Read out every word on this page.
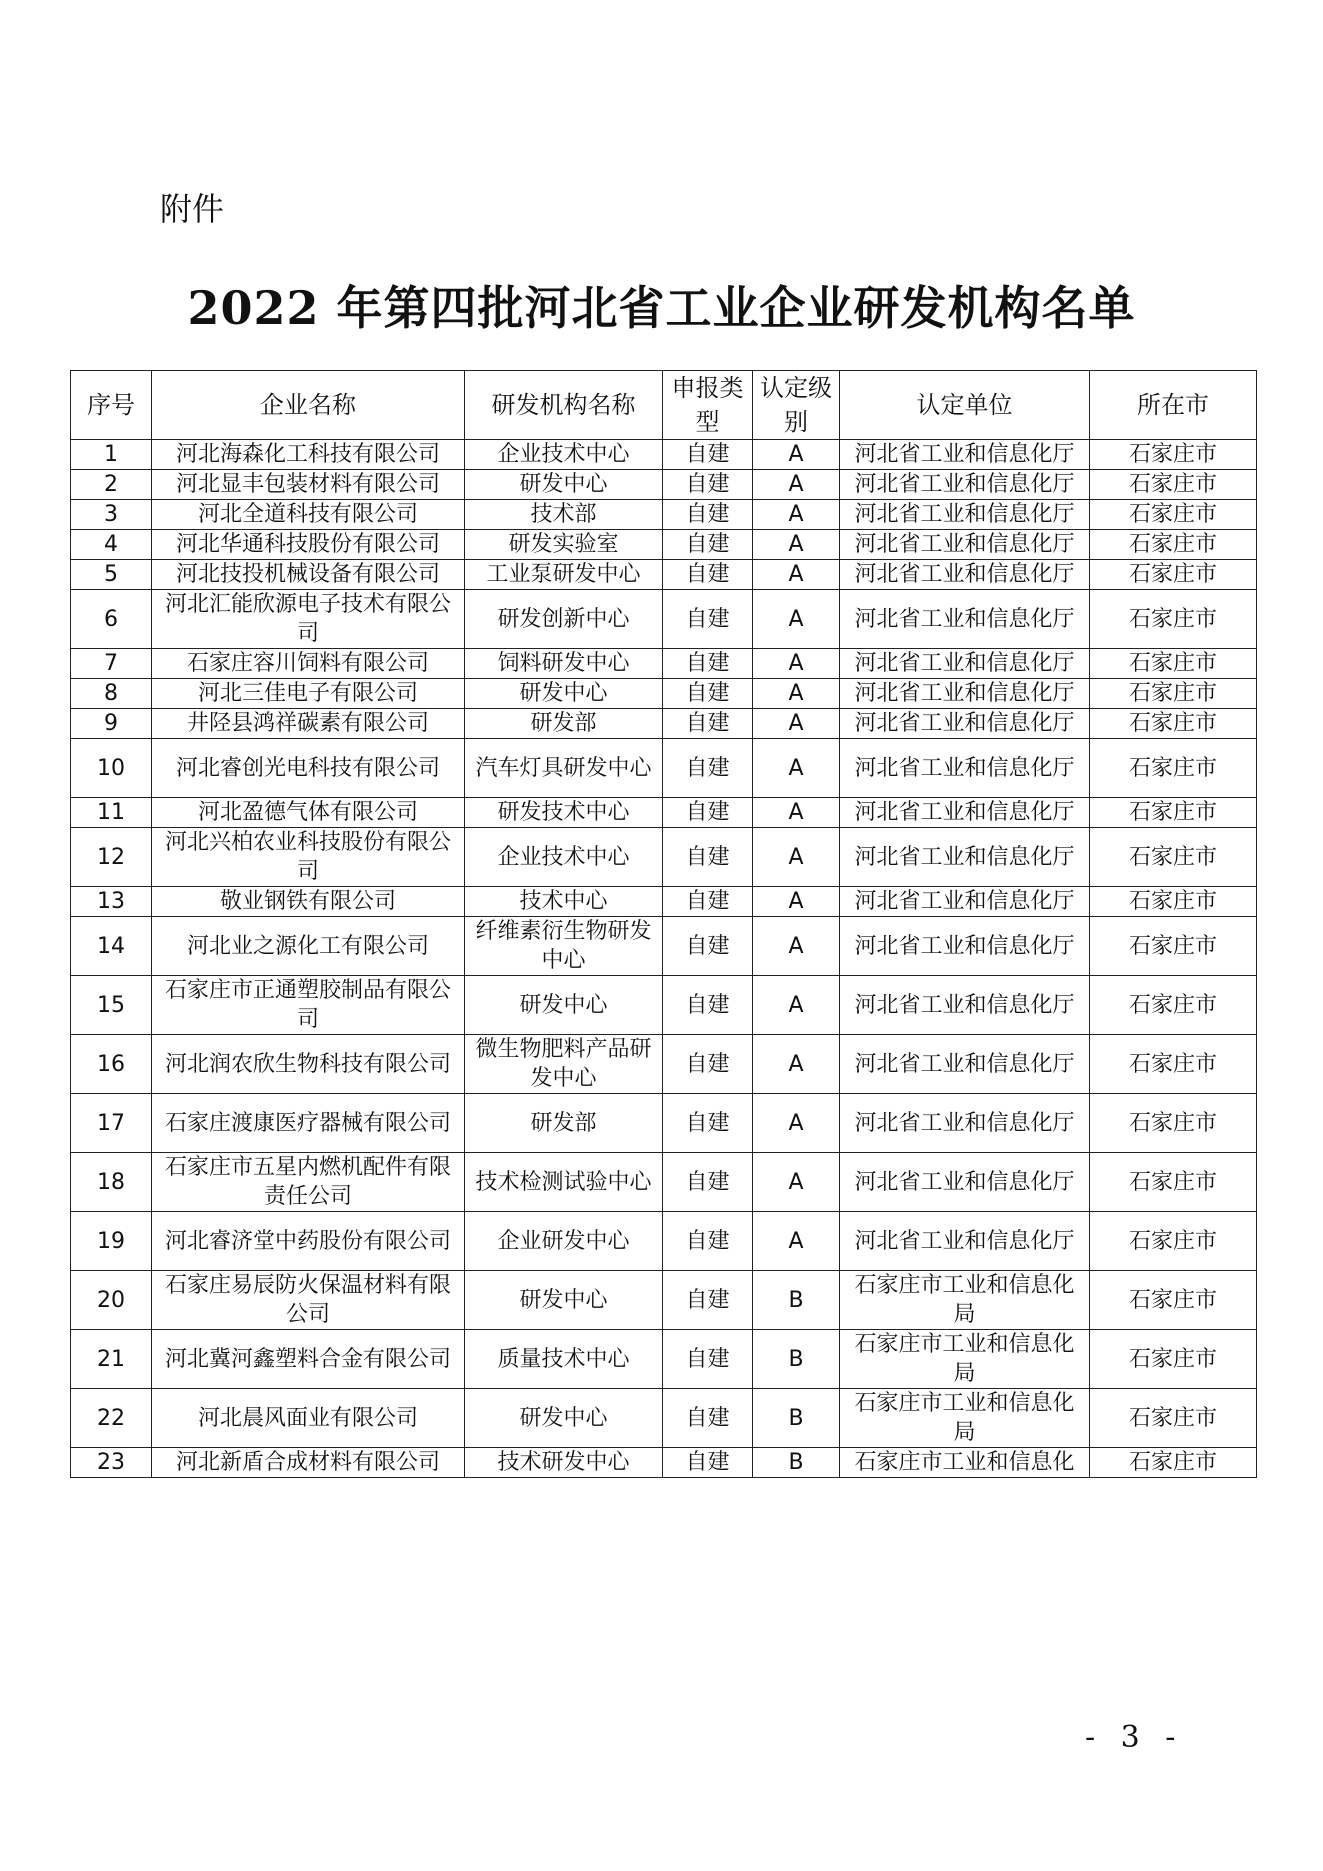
附件
2022 年第四批河北省工业企业研发机构名单
序号	企业名称	研发机构名称	申报类型	认定级别	认定单位	所在市
1	河北海森化工科技有限公司	企业技术中心	自建	A	河北省工业和信息化厅	石家庄市
2	河北显丰包装材料有限公司	研发中心	自建	A	河北省工业和信息化厅	石家庄市
3	河北全道科技有限公司	技术部	自建	A	河北省工业和信息化厅	石家庄市
4	河北华通科技股份有限公司	研发实验室	自建	A	河北省工业和信息化厅	石家庄市
5	河北技投机械设备有限公司	工业泵研发中心	自建	A	河北省工业和信息化厅	石家庄市
6	河北汇能欣源电子技术有限公司	研发创新中心	自建	A	河北省工业和信息化厅	石家庄市
7	石家庄容川饲料有限公司	饲料研发中心	自建	A	河北省工业和信息化厅	石家庄市
8	河北三佳电子有限公司	研发中心	自建	A	河北省工业和信息化厅	石家庄市
9	井陉县鸿祥碳素有限公司	研发部	自建	A	河北省工业和信息化厅	石家庄市
10	河北睿创光电科技有限公司	汽车灯具研发中心	自建	A	河北省工业和信息化厅	石家庄市
11	河北盈德气体有限公司	研发技术中心	自建	A	河北省工业和信息化厅	石家庄市
12	河北兴柏农业科技股份有限公司	企业技术中心	自建	A	河北省工业和信息化厅	石家庄市
13	敬业钢铁有限公司	技术中心	自建	A	河北省工业和信息化厅	石家庄市
14	河北业之源化工有限公司	纤维素衍生物研发中心	自建	A	河北省工业和信息化厅	石家庄市
15	石家庄市正通塑胶制品有限公司	研发中心	自建	A	河北省工业和信息化厅	石家庄市
16	河北润农欣生物科技有限公司	微生物肥料产品研发中心	自建	A	河北省工业和信息化厅	石家庄市
17	石家庄渡康医疗器械有限公司	研发部	自建	A	河北省工业和信息化厅	石家庄市
18	石家庄市五星内燃机配件有限责任公司	技术检测试验中心	自建	A	河北省工业和信息化厅	石家庄市
19	河北睿济堂中药股份有限公司	企业研发中心	自建	A	河北省工业和信息化厅	石家庄市
20	石家庄易辰防火保温材料有限公司	研发中心	自建	B	石家庄市工业和信息化局	石家庄市
21	河北冀河鑫塑料合金有限公司	质量技术中心	自建	B	石家庄市工业和信息化局	石家庄市
22	河北晨风面业有限公司	研发中心	自建	B	石家庄市工业和信息化局	石家庄市
23	河北新盾合成材料有限公司	技术研发中心	自建	B	石家庄市工业和信息化	石家庄市
- 3 -
